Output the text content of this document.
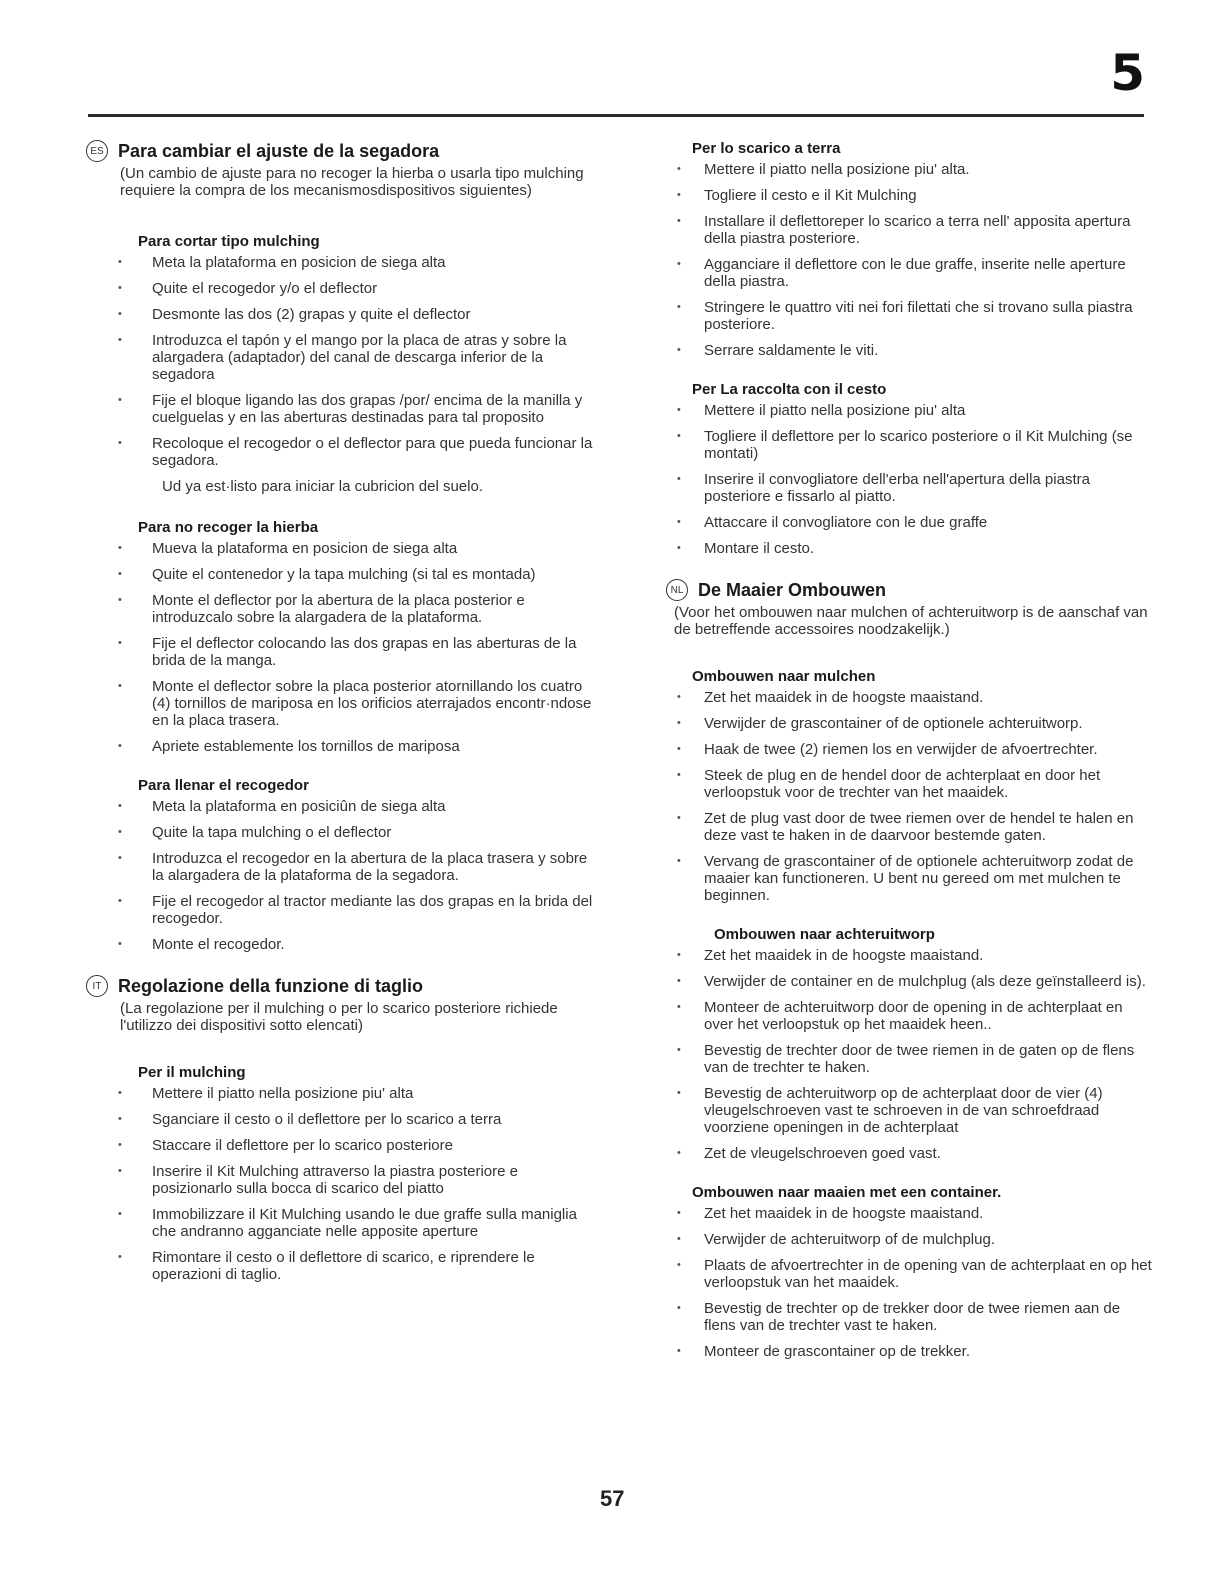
5
ES Para cambiar el ajuste de la segadora

(Un cambio de ajuste para no recoger la hierba o usarla tipo mulching requiere la compra de los mecanismosdispositivos siguientes)

Para cortar tipo mulching
• Meta la plataforma en posicion de siega alta
• Quite el recogedor y/o el deflector
• Desmonte las dos (2) grapas y quite el deflector
• Introduzca el tapón y el mango por la placa de atras y sobre la alargadera (adaptador) del canal de descarga inferior de la segadora
• Fije el bloque ligando las dos grapas /por/ encima de la manilla y cuelguelas y en las aberturas destinadas para tal proposito
• Recoloque el recogedor o el deflector para que pueda funcionar la segadora.
Ud ya est·listo para iniciar la cubricion del suelo.
Para no recoger la hierba
• Mueva la plataforma en posicion de siega alta
• Quite el contenedor y la tapa mulching (si tal es montada)
• Monte el deflector por la abertura de la placa posterior e introduzcalo sobre la alargadera de la plataforma.
• Fije el deflector colocando las dos grapas en las aberturas de la brida de la manga.
• Monte el deflector sobre la placa posterior atornillando los cuatro (4) tornillos de mariposa en los orificios aterrajados encontr·ndose en la placa trasera.
• Apriete establemente los tornillos de mariposa
Para llenar el recogedor
• Meta la plataforma en posiciûn de siega alta
• Quite la tapa mulching o el deflector
• Introduzca el recogedor en la abertura de la placa trasera y sobre la alargadera de la plataforma de la segadora.
• Fije el recogedor al tractor mediante las dos grapas en la brida del recogedor.
• Monte el recogedor.
IT Regolazione della funzione di taglio

(La regolazione per il mulching o per lo scarico posteriore richiede l'utilizzo dei dispositivi sotto elencati)

Per il mulching
• Mettere il piatto nella posizione piu' alta
• Sganciare il cesto o il deflettore per lo scarico a terra
• Staccare il deflettore per lo scarico posteriore
• Inserire il Kit Mulching attraverso la piastra posteriore e posizionarlo sulla bocca di scarico del piatto
• Immobilizzare il Kit Mulching usando le due graffe sulla maniglia che andranno agganciate nelle apposite aperture
• Rimontare il cesto o il deflettore di scarico, e riprendere le operazioni di taglio.
Per lo scarico a terra
• Mettere il piatto nella posizione piu' alta.
• Togliere il cesto e il Kit Mulching
• Installare il deflettoreper lo scarico a terra nell' apposita apertura della piastra posteriore.
• Agganciare il deflettore con le due graffe, inserite nelle aperture della piastra.
• Stringere le quattro viti nei fori filettati che si trovano sulla piastra posteriore.
• Serrare saldamente le viti.
Per La raccolta con il cesto
• Mettere il piatto nella posizione piu' alta
• Togliere il deflettore per lo scarico posteriore o il Kit Mulching (se montati)
• Inserire il convogliatore dell'erba nell'apertura della piastra posteriore e fissarlo al piatto.
• Attaccare il convogliatore con le due graffe
• Montare il cesto.
NL De Maaier Ombouwen

(Voor het ombouwen naar mulchen of achteruitworp is de aanschaf van de betreffende accessoires noodzakelijk.)

Ombouwen naar mulchen
• Zet het maaidek in de hoogste maaistand.
• Verwijder de grascontainer of de optionele achteruitworp.
• Haak de twee (2) riemen los en verwijder de afvoertrechter.
• Steek de plug en de hendel door de achterplaat en door het verloopstuk voor de trechter van het maaidek.
• Zet de plug vast door de twee riemen over de hendel te halen en deze vast te haken in de daarvoor bestemde gaten.
• Vervang de grascontainer of de optionele achteruitworp zodat de maaier kan functioneren. U bent nu gereed om met mulchen te beginnen.
Ombouwen naar achteruitworp
• Zet het maaidek in de hoogste maaistand.
• Verwijder de container en de mulchplug (als deze geïnstalleerd is).
• Monteer de achteruitworp door de opening in de achterplaat en over het verloopstuk op het maaidek heen..
• Bevestig de trechter door de twee riemen in de gaten op de flens van de trechter te haken.
• Bevestig de achteruitworp op de achterplaat door de vier (4) vleugelschroeven vast te schroeven in de van schroefdraad voorziene openingen in de achterplaat
• Zet de vleugelschroeven goed vast.
Ombouwen naar maaien met een container.
• Zet het maaidek in de hoogste maaistand.
• Verwijder de achteruitworp of de mulchplug.
• Plaats de afvoertrechter in de opening van de achterplaat en op het verloopstuk van het maaidek.
• Bevestig de trechter op de trekker door de twee riemen aan de flens van de trechter vast te haken.
• Monteer de grascontainer op de trekker.
57
